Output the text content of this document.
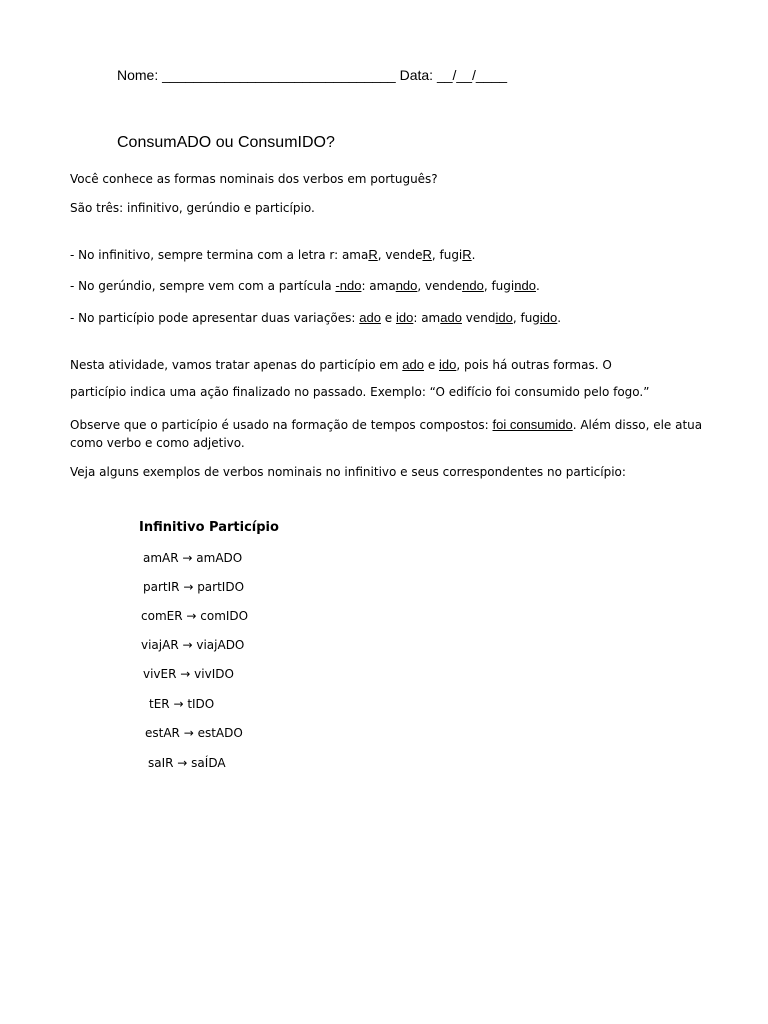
Nome: ______________________________ Data: __/__/____
ConsumADO ou ConsumIDO?
Você conhece as formas nominais dos verbos em português?
São três: infinitivo, gerúndio e particípio.
- No infinitivo, sempre termina com a letra r: amaR, vendeR, fugiR.
- No gerúndio, sempre vem com a partícula -ndo: amando, vendendo, fugindo.
- No particípio pode apresentar duas variações: ado e ido: amado vendido, fugido.
Nesta atividade, vamos tratar apenas do particípio em ado e ido, pois há outras formas. O
particípio indica uma ação finalizado no passado. Exemplo: “O edifício foi consumido pelo fogo.”
Observe que o particípio é usado na formação de tempos compostos: foi consumido. Além disso, ele atua
como verbo e como adjetivo.
Veja alguns exemplos de verbos nominais no infinitivo e seus correspondentes no particípio:
Infinitivo Particípio
amAR → amADO
partIR → partIDO
comER → comIDO
viajAR → viajADO
vivER → vivIDO
tER → tIDO
estAR → estADO
saIR → saÍDA
